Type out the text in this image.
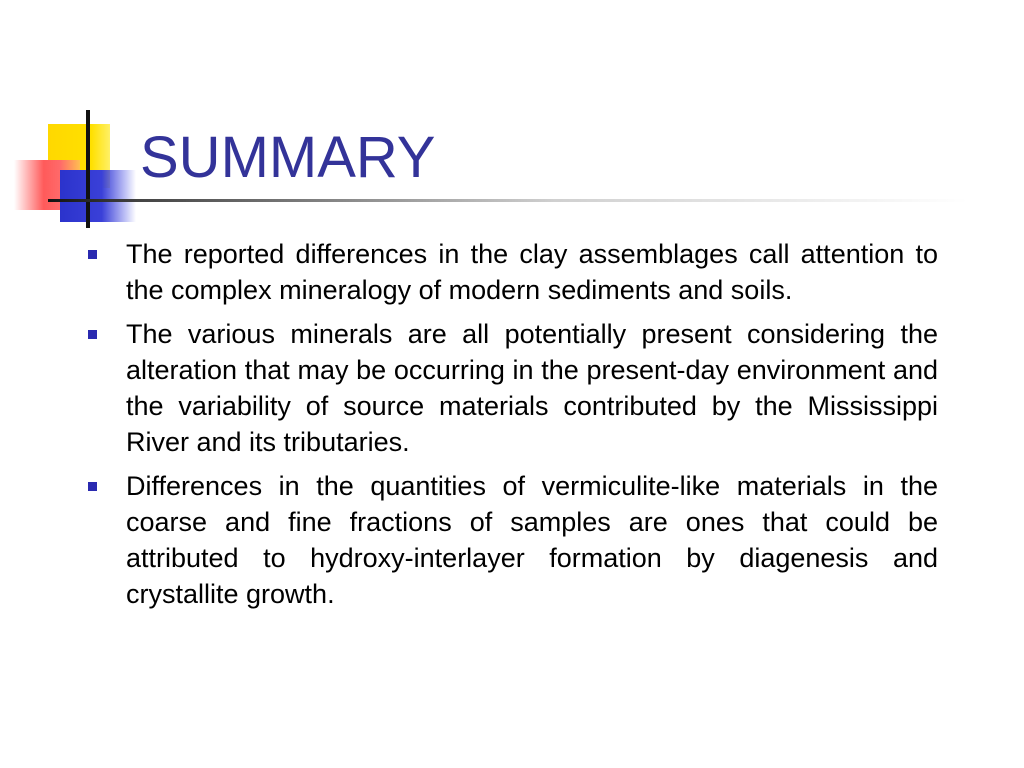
SUMMARY
The reported differences in the clay assemblages call attention to the complex mineralogy of modern sediments and soils.
The various minerals are all potentially present considering the alteration that may be occurring in the present-day environment and the variability of source materials contributed by the Mississippi River and its tributaries.
Differences in the quantities of vermiculite-like materials in the coarse and fine fractions of samples are ones that could be attributed to hydroxy-interlayer formation by diagenesis and crystallite growth.
